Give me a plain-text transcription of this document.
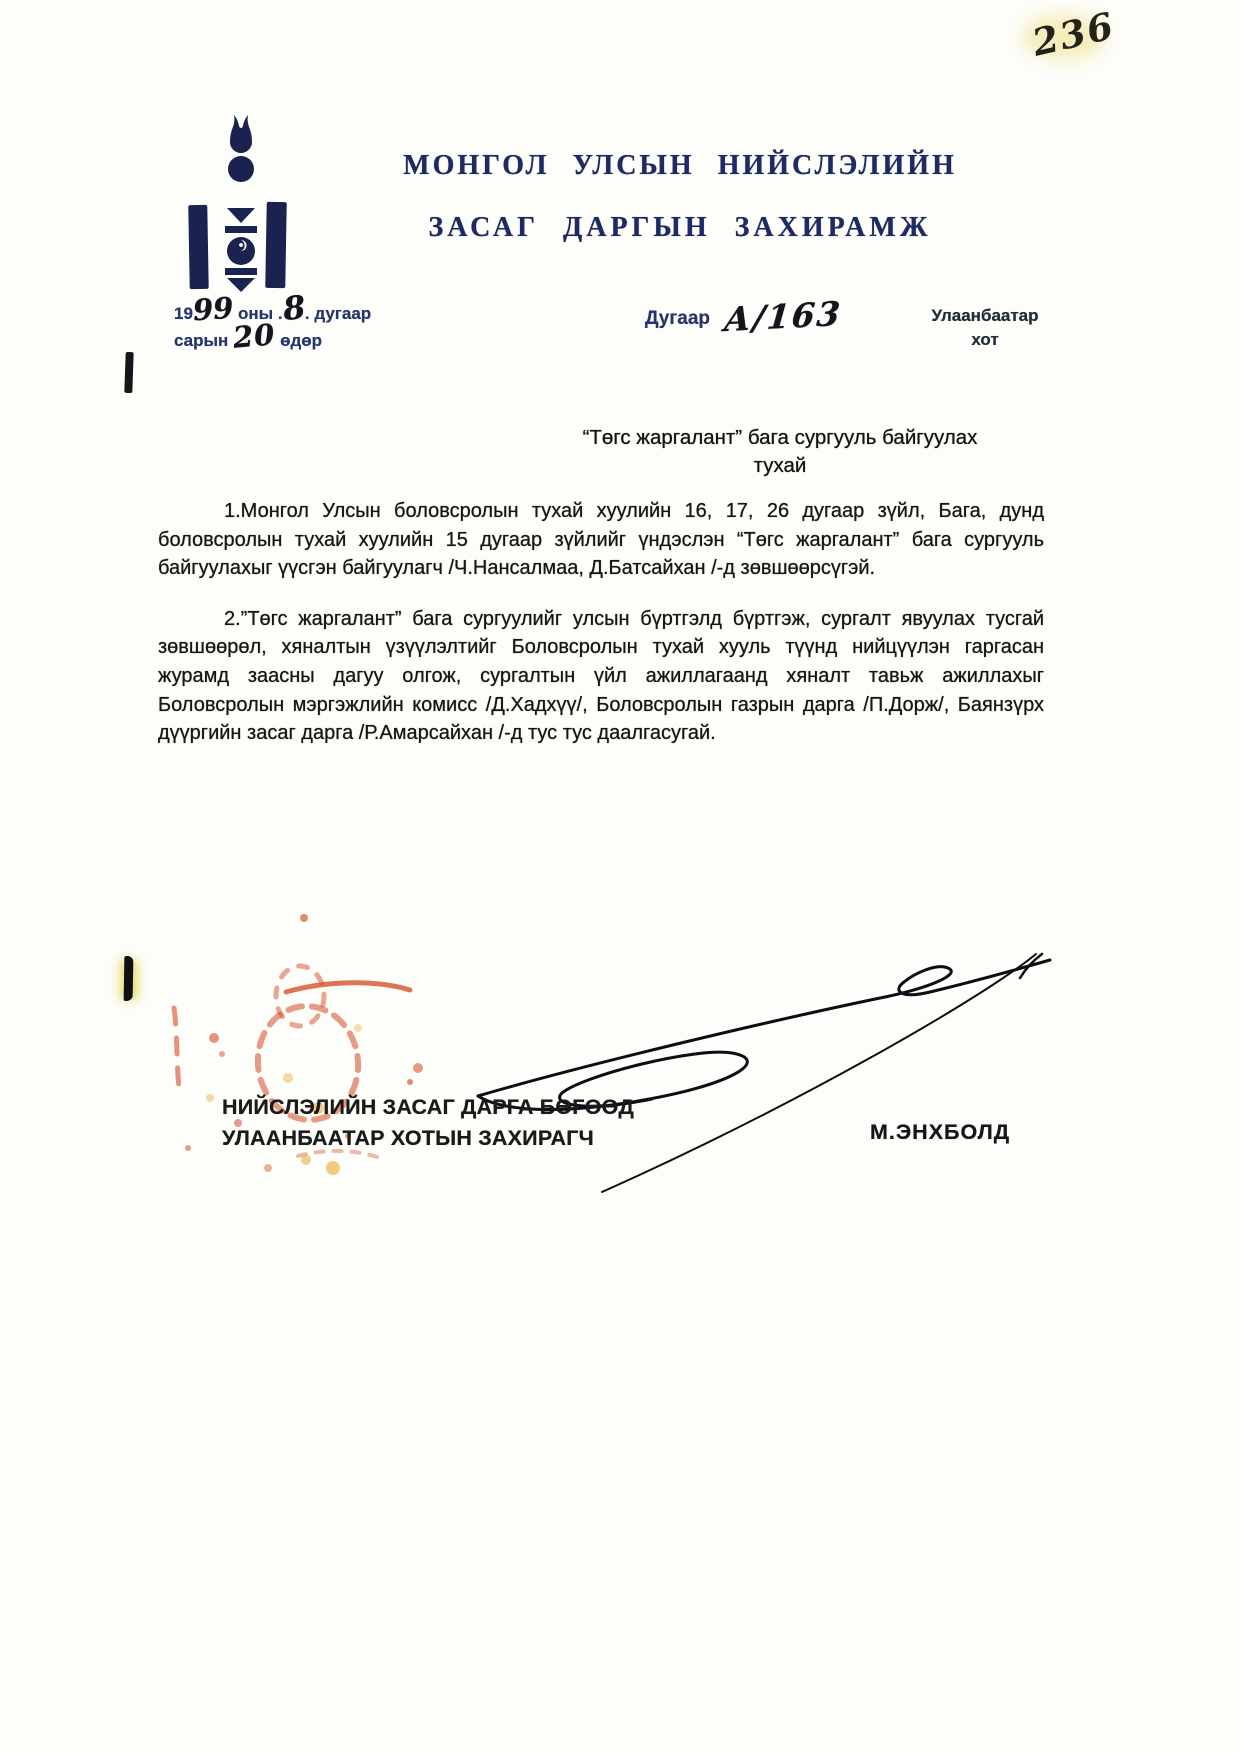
236
МОНГОЛ УЛСЫН НИЙСЛЭЛИЙН
ЗАСАГ ДАРГЫН ЗАХИРАМЖ
1999 оны .8. дугаар
сарын 20 өдөр
Дугаар А/163	Улаанбаатар
хот
“Төгс жаргалант” бага сургууль байгуулах
тухай

1.Монгол Улсын боловсролын тухай хуулийн 16, 17, 26 дугаар зүйл, Бага, дунд боловсролын тухай хуулийн 15 дугаар зүйлийг үндэслэн “Төгс жаргалант” бага сургууль байгуулахыг үүсгэн байгуулагч /Ч.Нансалмаа, Д.Батсайхан /-д зөвшөөрсүгэй.

2.”Төгс жаргалант” бага сургуулийг улсын бүртгэлд бүртгэж, сургалт явуулах тусгай зөвшөөрөл, хяналтын үзүүлэлтийг Боловсролын тухай хууль түүнд нийцүүлэн гаргасан журамд заасны дагуу олгож, сургалтын үйл ажиллагаанд хяналт тавьж ажиллахыг Боловсролын мэргэжлийн комисс /Д.Хадхүү/, Боловсролын газрын дарга /П.Дорж/, Баянзүрх дүүргийн засаг дарга /Р.Амарсайхан /-д тус тус даалгасугай.

НИЙСЛЭЛИЙН ЗАСАГ ДАРГА БӨГӨӨД
УЛААНБААТАР ХОТЫН ЗАХИРАГЧ	М.ЭНХБОЛД
